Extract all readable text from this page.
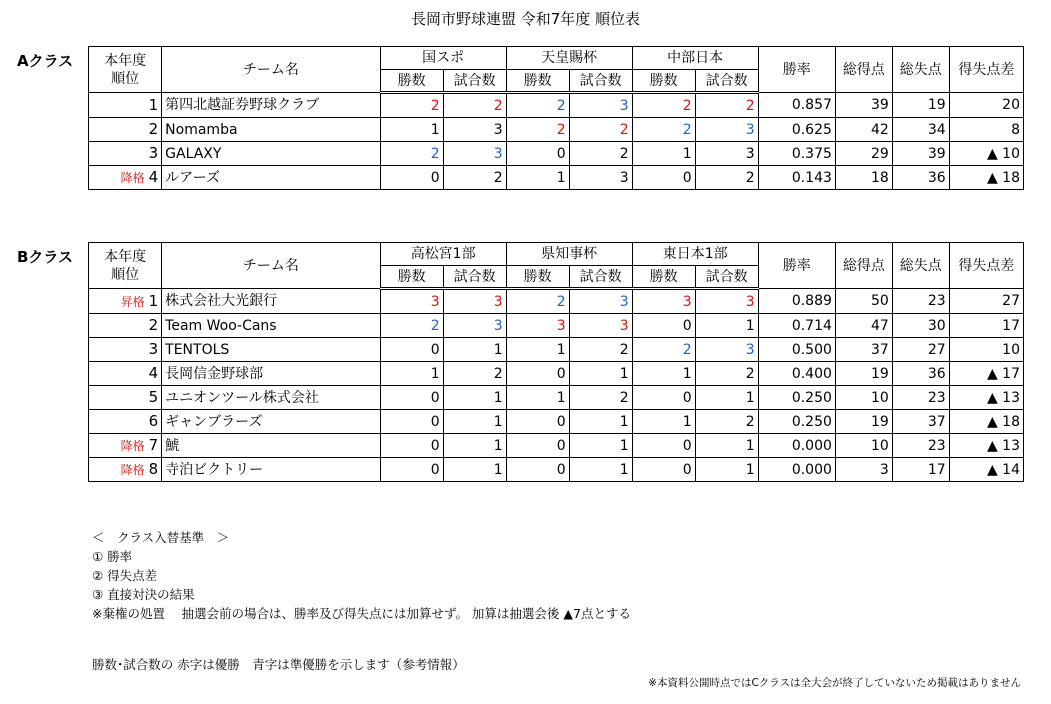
長岡市野球連盟 令和7年度 順位表
Aクラス	本年度
順位	チーム名	国スポ		天皇賜杯		中部日本		勝率	総得点	総失点	得失点差
		勝数	試合数	勝数	試合数	勝数	試合数				
1	第四北越証券野球クラブ	2	2	2	3	2	2	0.857	39	19	20
2	Nomamba	1	3	2	2	2	3	0.625	42	34	8
3	GALAXY	2	3	0	2	1	3	0.375	29	39	▲ 10
降格 4	ルアーズ	0	2	1	3	0	2	0.143	18	36	▲ 18
Bクラス	本年度
順位	チーム名	高松宮1部		県知事杯		東日本1部		勝率	総得点	総失点	得失点差
		勝数	試合数	勝数	試合数	勝数	試合数				
昇格 1	株式会社大光銀行	3	3	2	3	3	3	0.889	50	23	27
2	Team Woo-Cans	2	3	3	3	0	1	0.714	47	30	17
3	TENTOLS	0	1	1	2	2	3	0.500	37	27	10
4	長岡信金野球部	1	2	0	1	1	2	0.400	19	36	▲ 17
5	ユニオンツール株式会社	0	1	1	2	0	1	0.250	10	23	▲ 13
6	ギャンブラーズ	0	1	0	1	1	2	0.250	19	37	▲ 18
降格 7	鯱	0	1	0	1	0	1	0.000	10	23	▲ 13
降格 8	寺泊ビクトリー	0	1	0	1	0	1	0.000	3	17	▲ 14
＜　クラス入替基準　＞
① 勝率
② 得失点差
③ 直接対決の結果
※棄権の処置　 抽選会前の場合は、勝率及び得失点には加算せず。 加算は抽選会後 ▲7点とする
勝数･試合数の 赤字は優勝　青字は準優勝を示します（参考情報）
※本資料公開時点ではCクラスは全大会が終了していないため掲載はありません
